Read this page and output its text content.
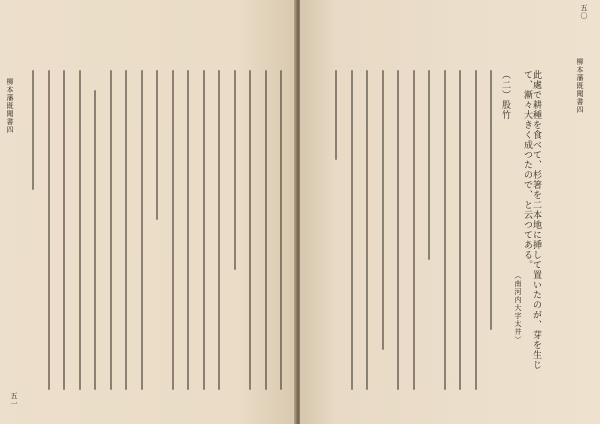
柳本藩既聞書四
五一
柳本藩既聞書四
五〇
此處で耕種を食べて、杉箸を二本地に挿して置いたのが、芽を生じて、漸々大きく成つたので、と云つてある。
（南河内大字太井）
（二）股竹
